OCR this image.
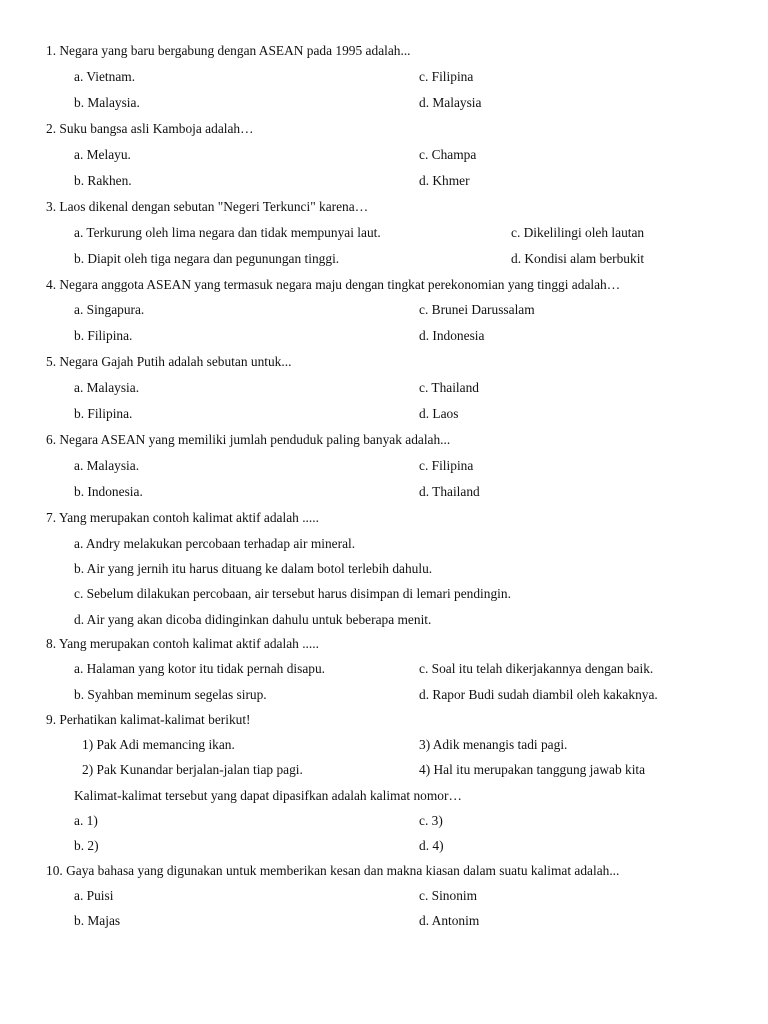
1. Negara yang baru bergabung dengan ASEAN pada 1995 adalah...
a. Vietnam.	c. Filipina
b. Malaysia.	d. Malaysia
2. Suku bangsa asli Kamboja adalah…
a. Melayu.	c. Champa
b. Rakhen.	d. Khmer
3. Laos dikenal dengan sebutan "Negeri Terkunci" karena…
a. Terkurung oleh lima negara dan tidak mempunyai laut.	c. Dikelilingi oleh lautan
b. Diapit oleh tiga negara dan pegunungan tinggi.	d. Kondisi alam berbukit
4. Negara anggota ASEAN yang termasuk negara maju dengan tingkat perekonomian yang tinggi adalah…
a. Singapura.	c. Brunei Darussalam
b. Filipina.	d. Indonesia
5. Negara Gajah Putih adalah sebutan untuk...
a. Malaysia.	c. Thailand
b. Filipina.	d. Laos
6. Negara ASEAN yang memiliki jumlah penduduk paling banyak adalah...
a. Malaysia.	c. Filipina
b. Indonesia.	d. Thailand
7. Yang merupakan contoh kalimat aktif adalah .....
a. Andry melakukan percobaan terhadap air mineral.
b. Air yang jernih itu harus dituang ke dalam botol terlebih dahulu.
c. Sebelum dilakukan percobaan, air tersebut harus disimpan di lemari pendingin.
d. Air yang akan dicoba didinginkan dahulu untuk beberapa menit.
8. Yang merupakan contoh kalimat aktif adalah .....
a. Halaman yang kotor itu tidak pernah disapu.	c. Soal itu telah dikerjakannya dengan baik.
b. Syahban meminum segelas sirup.	d. Rapor Budi sudah diambil oleh kakaknya.
9. Perhatikan kalimat-kalimat berikut!
1) Pak Adi memancing ikan.	3) Adik menangis tadi pagi.
2) Pak Kunandar berjalan-jalan tiap pagi.	4) Hal itu merupakan tanggung jawab kita
Kalimat-kalimat tersebut yang dapat dipasifkan adalah kalimat nomor…
a. 1)	c. 3)
b. 2)	d. 4)
10. Gaya bahasa yang digunakan untuk memberikan kesan dan makna kiasan dalam suatu kalimat adalah...
a. Puisi	c. Sinonim
b. Majas	d. Antonim
